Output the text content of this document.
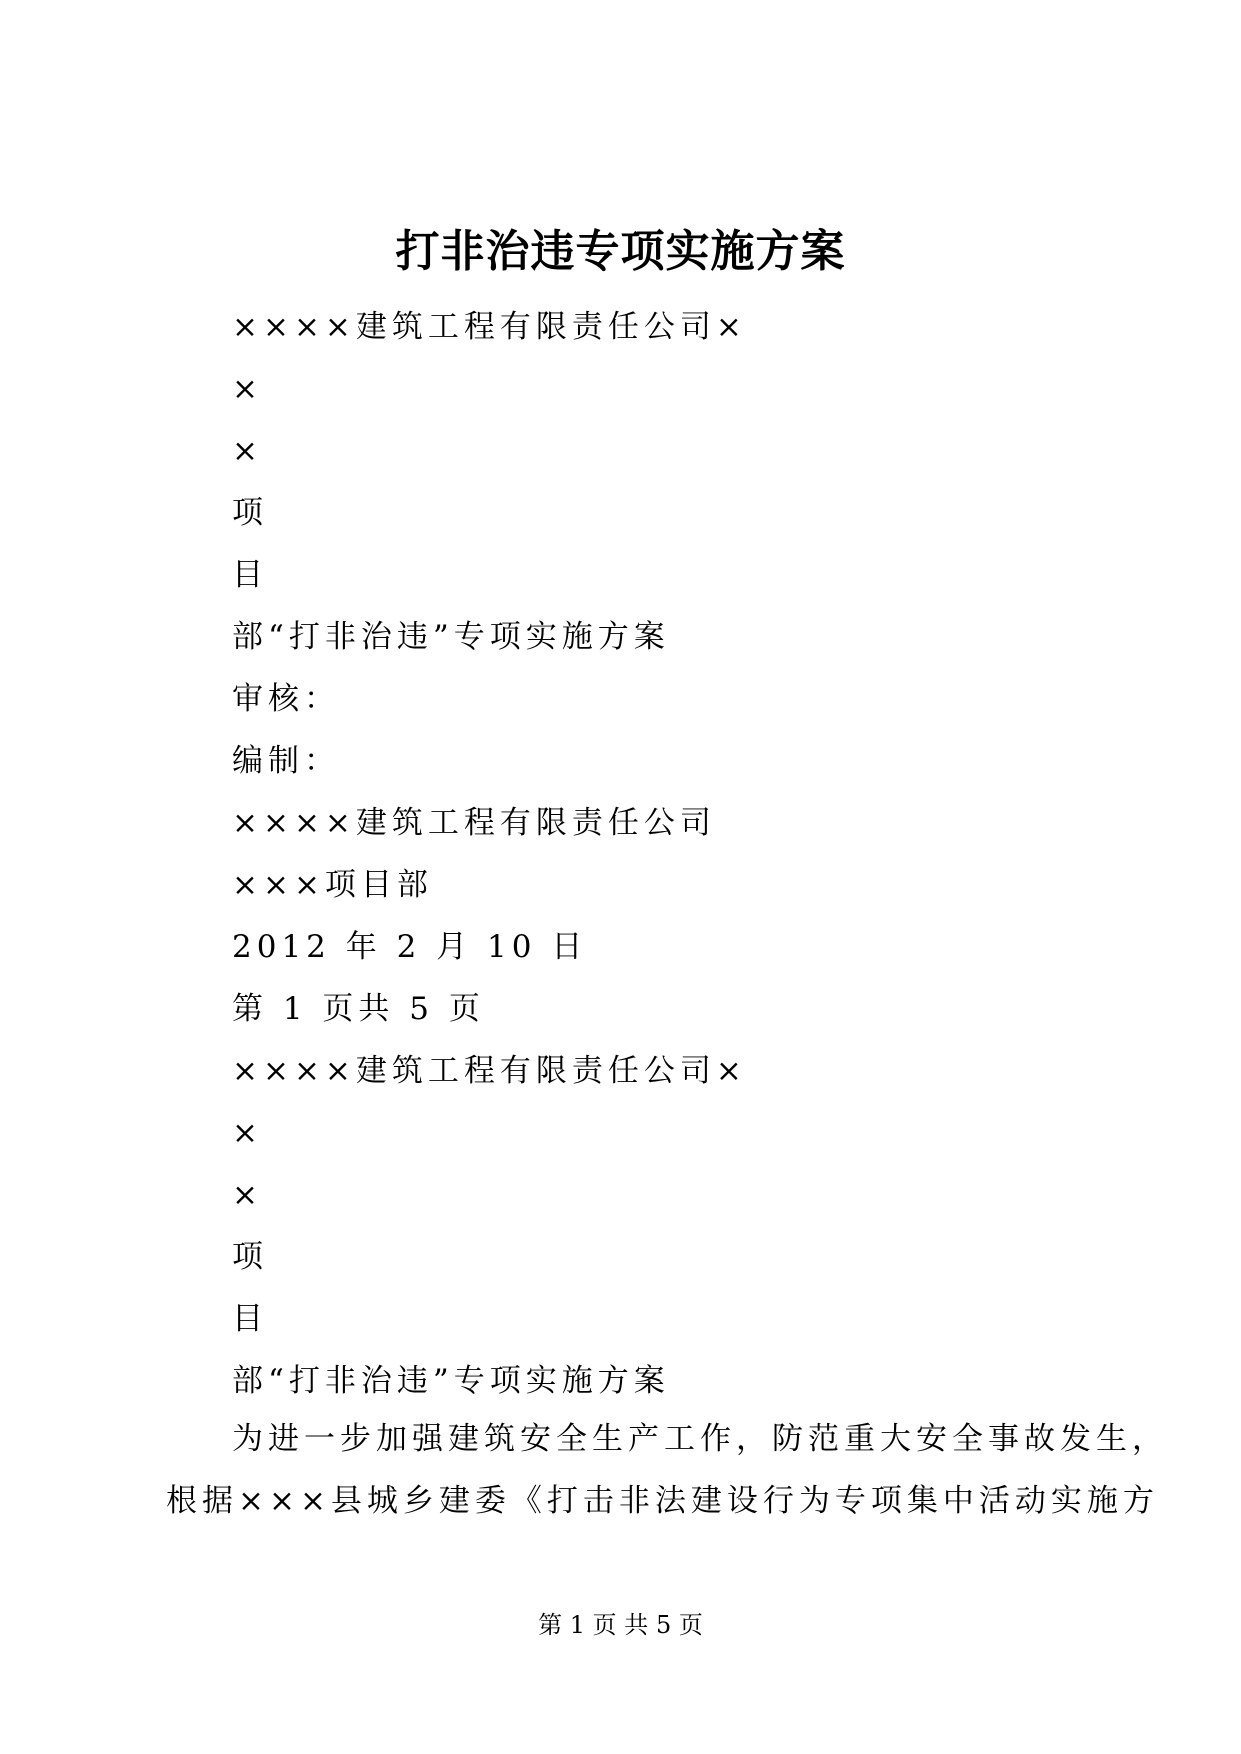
打非治违专项实施方案
××××建筑工程有限责任公司×
×
×
项
目
部“打非治违”专项实施方案
审核：
编制：
××××建筑工程有限责任公司
×××项目部
2012 年 2 月 10 日
第 1 页共 5 页
××××建筑工程有限责任公司×
×
×
项
目
部“打非治违”专项实施方案
为进一步加强建筑安全生产工作，防范重大安全事故发生，
根据×××县城乡建委《打击非法建设行为专项集中活动实施方
第 1 页 共 5 页
